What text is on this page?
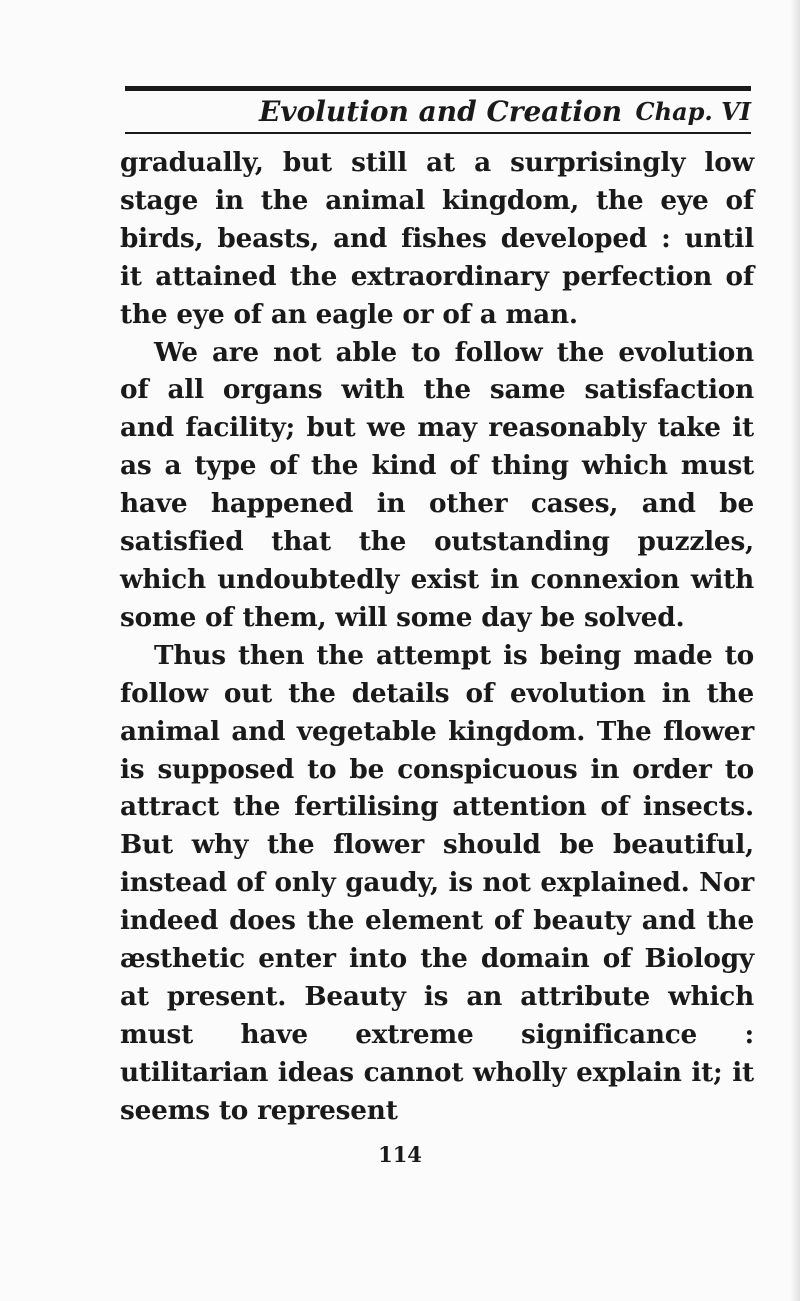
Evolution and Creation Chap. VI

gradually, but still at a surprisingly low stage in the animal kingdom, the eye of birds, beasts, and fishes developed : until it attained the extraordinary perfection of the eye of an eagle or of a man.

We are not able to follow the evolution of all organs with the same satisfaction and facility; but we may reasonably take it as a type of the kind of thing which must have happened in other cases, and be satisfied that the outstanding puzzles, which undoubtedly exist in connexion with some of them, will some day be solved.

Thus then the attempt is being made to follow out the details of evolution in the animal and vegetable kingdom. The flower is supposed to be conspicuous in order to attract the fertilising attention of insects. But why the flower should be beautiful, instead of only gaudy, is not explained. Nor indeed does the element of beauty and the æsthetic enter into the domain of Biology at present. Beauty is an attribute which must have extreme significance : utilitarian ideas cannot wholly explain it; it seems to represent

114
